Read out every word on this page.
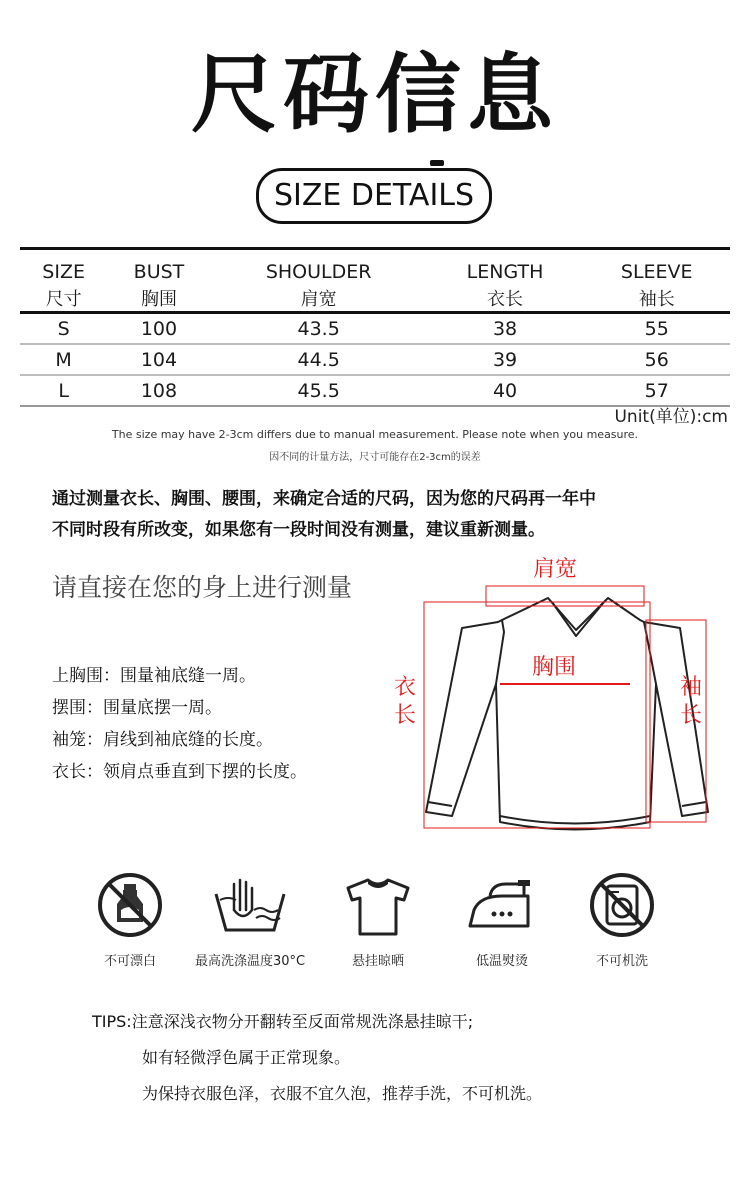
尺码信息
SIZE DETAILS
SIZE	BUST	SHOULDER	LENGTH	SLEEVE
尺寸	胸围	肩宽	衣长	袖长
S	100	43.5	38	55
M	104	44.5	39	56
L	108	45.5	40	57
Unit(单位):cm
The size may have 2-3cm differs due to manual measurement. Please note when you measure.
因不同的计量方法，尺寸可能存在2-3cm的误差
通过测量衣长、胸围、腰围，来确定合适的尺码，因为您的尺码再一年中
不同时段有所改变，如果您有一段时间没有测量，建议重新测量。
请直接在您的身上进行测量
上胸围：围量袖底缝一周。
摆围：围量底摆一周。
袖笼：肩线到袖底缝的长度。
衣长：领肩点垂直到下摆的长度。
肩宽
胸围
衣
长
袖
长
不可漂白	最高洗涤温度30°C	悬挂晾晒	低温熨烫	不可机洗
TIPS:注意深浅衣物分开翻转至反面常规洗涤悬挂晾干;
如有轻微浮色属于正常现象。
为保持衣服色泽，衣服不宜久泡，推荐手洗，不可机洗。
